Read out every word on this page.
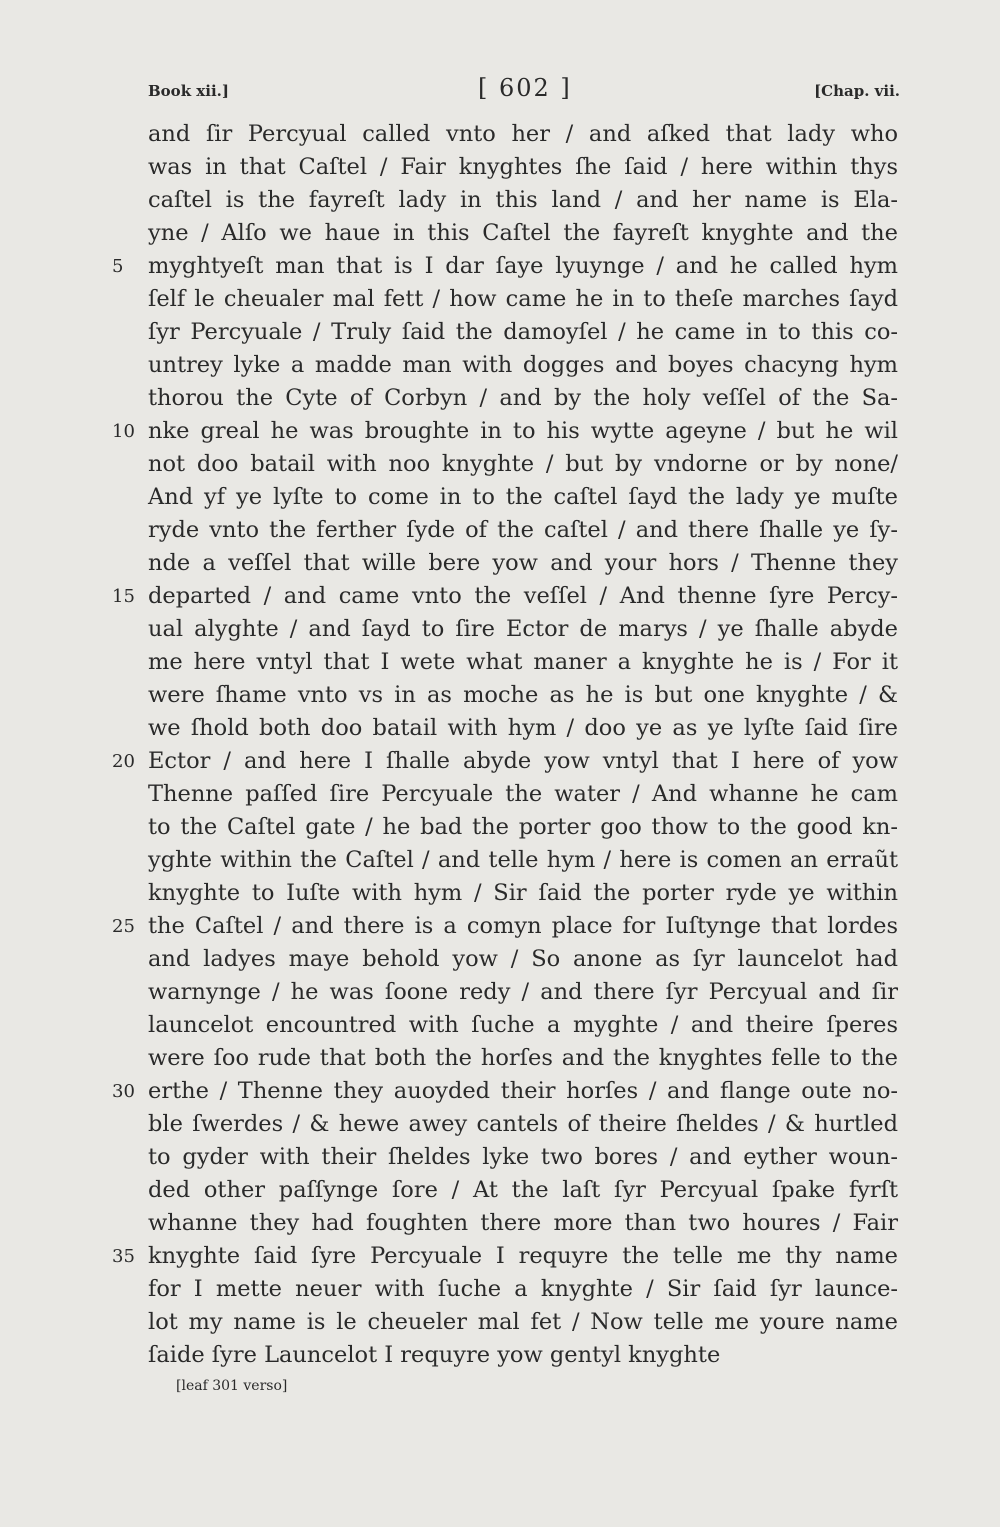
Book xii.]	[ 602 ]	[Chap. vii.
and ſir Percyual called vnto her / and aſked that lady who
was in that Caſtel / Fair knyghtes ſhe ſaid / here within thys
caſtel is the fayreſt lady in this land / and her name is Ela-
yne / Alſo we haue in this Caſtel the fayreſt knyghte and the
5	myghtyeſt man that is I dar ſaye lyuynge / and he called hym
ſelf le cheualer mal fett / how came he in to theſe marches ſayd
ſyr Percyuale / Truly ſaid the damoyſel / he came in to this co-
untrey lyke a madde man with dogges and boyes chacyng hym
thorou the Cyte of Corbyn / and by the holy veſſel of the Sa-
10 nke greal he was broughte in to his wytte ageyne / but he wil
not doo batail with noo knyghte / but by vndorne or by none/
And yf ye lyſte to come in to the caſtel ſayd the lady ye muſte
ryde vnto the ferther ſyde of the caſtel / and there ſhalle ye ſy-
nde a veſſel that wille bere yow and your hors / Thenne they
15 departed / and came vnto the veſſel / And thenne ſyre Percy-
ual alyghte / and ſayd to ſire Ector de marys / ye ſhalle abyde
me here vntyl that I wete what maner a knyghte he is / For it
were ſhame vnto vs in as moche as he is but one knyghte / &
we ſhold both doo batail with hym / doo ye as ye lyſte ſaid ſire
20 Ector / and here I ſhalle abyde yow vntyl that I here of yow
Thenne paſſed ſire Percyuale the water / And whanne he cam
to the Caſtel gate / he bad the porter goo thow to the good kn-
yghte within the Caſtel / and telle hym / here is comen an erraũt
knyghte to Iuſte with hym / Sir ſaid the porter ryde ye within
25 the Caſtel / and there is a comyn place for Iuſtynge that lordes
and ladyes maye behold yow / So anone as ſyr launcelot had
warnynge / he was ſoone redy / and there ſyr Percyual and ſir
launcelot encountred with ſuche a myghte / and theire ſperes
were ſoo rude that both the horſes and the knyghtes felle to the
30 erthe / Thenne they auoyded their horſes / and flange oute no-
ble ſwerdes / & hewe awey cantels of theire ſheldes / & hurtled
to gyder with their ſheldes lyke two bores / and eyther woun-
ded other paſſynge ſore / At the laſt ſyr Percyual ſpake fyrſt
whanne they had foughten there more than two houres / Fair
35 knyghte ſaid ſyre Percyuale I requyre the telle me thy name
for I mette neuer with ſuche a knyghte / Sir ſaid ſyr launce-
lot my name is le cheueler mal fet / Now telle me youre name
ſaide ſyre Launcelot I requyre yow gentyl knyghte
[leaf 301 verso]
